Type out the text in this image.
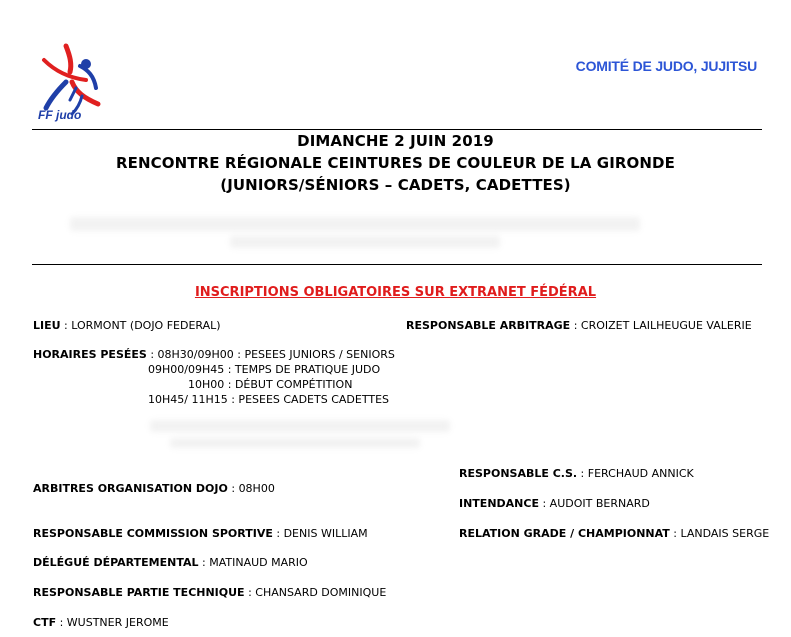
FF judo
COMITÉ DE JUDO, JUJITSU
DIMANCHE 2 JUIN 2019
RENCONTRE RÉGIONALE CEINTURES DE COULEUR DE LA GIRONDE
(JUNIORS/SÉNIORS – CADETS, CADETTES)
INSCRIPTIONS OBLIGATOIRES SUR EXTRANET FÉDÉRAL
LIEU : LORMONT (DOJO FEDERAL)	RESPONSABLE ARBITRAGE : CROIZET LAILHEUGUE VALERIE
HORAIRES PESÉES : 08H30/09H00 : PESEES JUNIORS / SENIORS
09H00/09H45 : TEMPS DE PRATIQUE JUDO
10H00 : DÉBUT COMPÉTITION
10H45/ 11H15 : PESEES CADETS CADETTES
RESPONSABLE C.S. : FERCHAUD ANNICK
ARBITRES ORGANISATION DOJO : 08H00
INTENDANCE : AUDOIT BERNARD
RESPONSABLE COMMISSION SPORTIVE : DENIS WILLIAM	RELATION GRADE / CHAMPIONNAT : LANDAIS SERGE
DÉLÉGUÉ DÉPARTEMENTAL : MATINAUD MARIO
RESPONSABLE PARTIE TECHNIQUE : CHANSARD DOMINIQUE
CTF : WUSTNER JEROME
